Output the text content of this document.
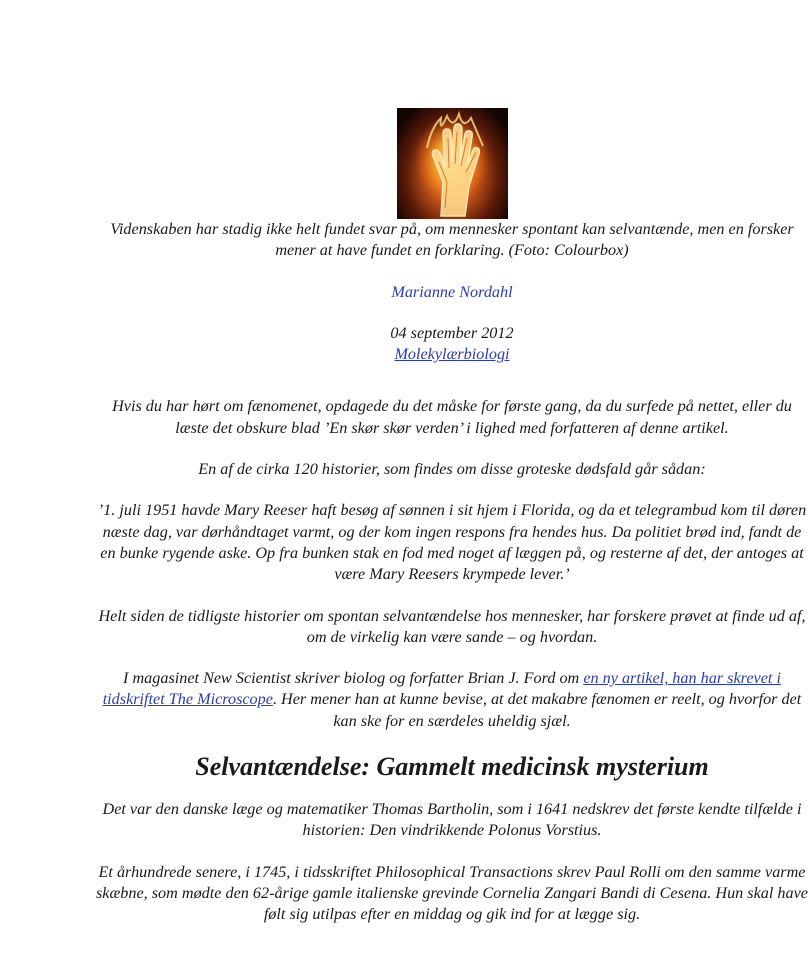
Videnskaben har stadig ikke helt fundet svar på, om mennesker spontant kan selvantænde, men en forsker mener at have fundet en forklaring. (Foto: Colourbox)

Marianne Nordahl

04 september 2012

Molekylærbiologi

Hvis du har hørt om fænomenet, opdagede du det måske for første gang, da du surfede på nettet, eller du læste det obskure blad ’En skør skør verden’ i lighed med forfatteren af denne artikel.

En af de cirka 120 historier, som findes om disse groteske dødsfald går sådan:

’1. juli 1951 havde Mary Reeser haft besøg af sønnen i sit hjem i Florida, og da et telegrambud kom til døren næste dag, var dørhåndtaget varmt, og der kom ingen respons fra hendes hus. Da politiet brød ind, fandt de en bunke rygende aske. Op fra bunken stak en fod med noget af læggen på, og resterne af det, der antoges at være Mary Reesers krympede lever.’

Helt siden de tidligste historier om spontan selvantændelse hos mennesker, har forskere prøvet at finde ud af, om de virkelig kan være sande – og hvordan.

I magasinet New Scientist skriver biolog og forfatter Brian J. Ford om en ny artikel, han har skrevet i tidskriftet The Microscope. Her mener han at kunne bevise, at det makabre fænomen er reelt, og hvorfor det kan ske for en særdeles uheldig sjæl.

Selvantændelse: Gammelt medicinsk mysterium

Det var den danske læge og matematiker Thomas Bartholin, som i 1641 nedskrev det første kendte tilfælde i historien: Den vindrikkende Polonus Vorstius.

Et århundrede senere, i 1745, i tidsskriftet Philosophical Transactions skrev Paul Rolli om den samme varme skæbne, som mødte den 62-årige gamle italienske grevinde Cornelia Zangari Bandi di Cesena. Hun skal have følt sig utilpas efter en middag og gik ind for at lægge sig.
